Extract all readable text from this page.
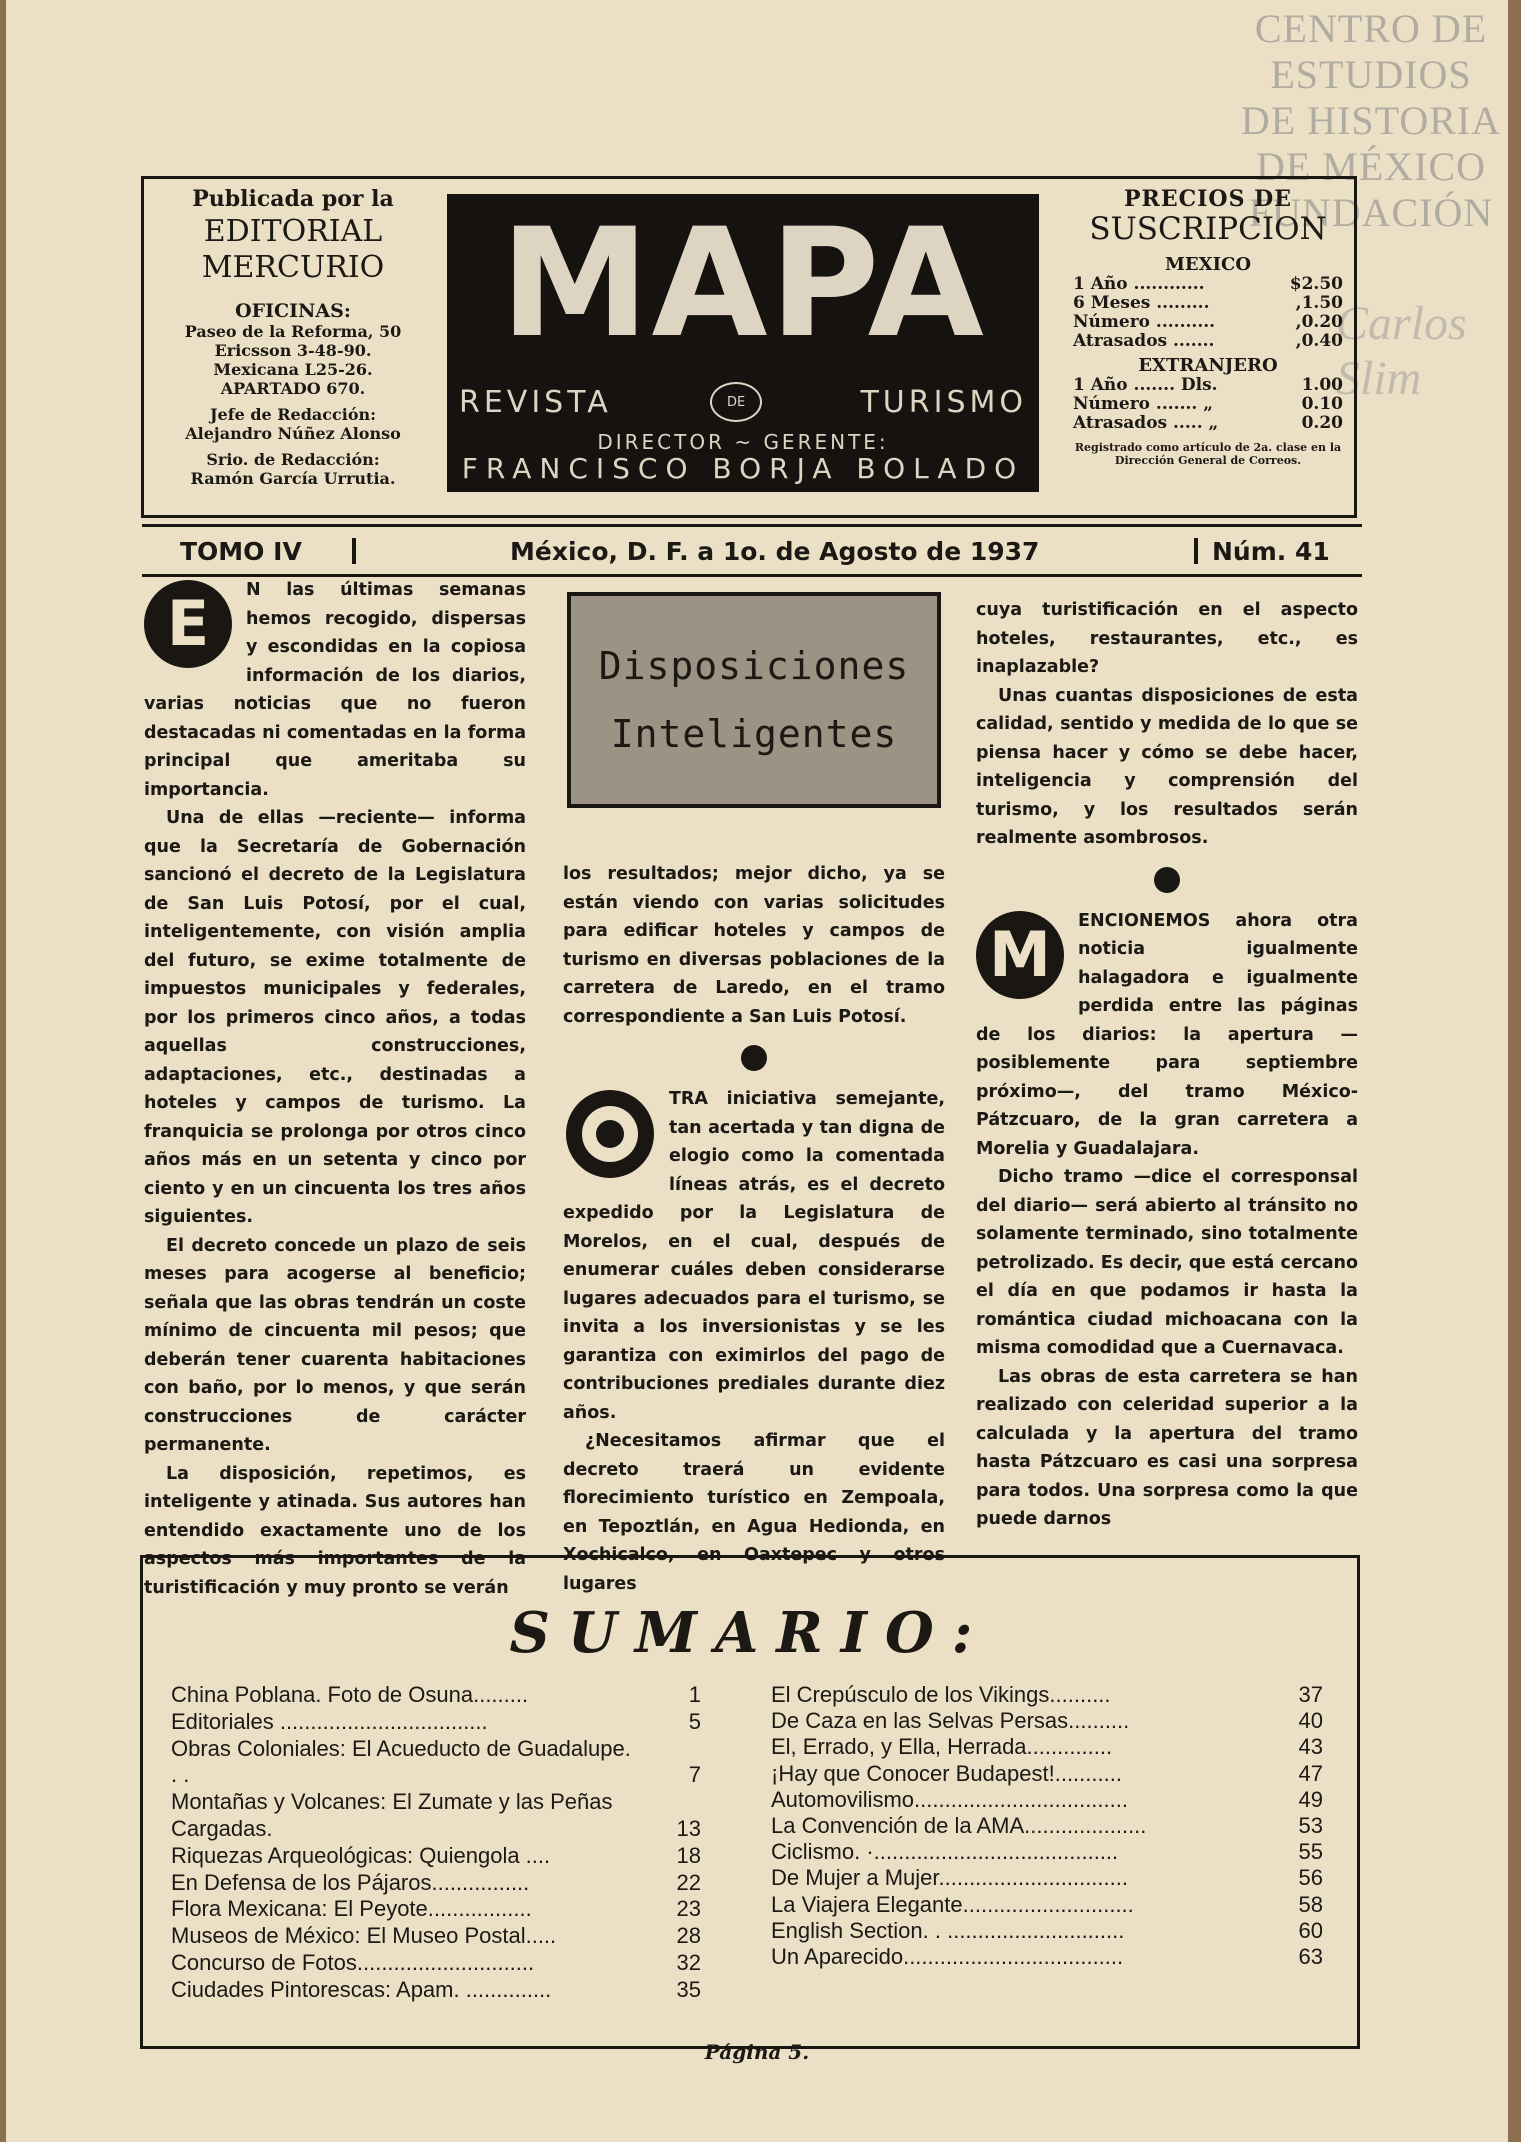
CENTRO DE
ESTUDIOS
DE HISTORIA
DE MÉXICO
FUNDACIÓN
Carlos Slim
Publicada por la
EDITORIAL
MERCURIO
OFICINAS:
Paseo de la Reforma, 50
Ericsson 3-48-90.
Mexicana L25-26.
APARTADO 670.
Jefe de Redacción:
Alejandro Núñez Alonso
Srio. de Redacción:
Ramón García Urrutia.
MAPA
REVISTA	DE	TURISMO
DIRECTOR ~ GERENTE:
FRANCISCO BORJA BOLADO
PRECIOS DE
SUSCRIPCION
MEXICO
1 Año ............	$2.50
6 Meses .........	,1.50
Número ..........	,0.20
Atrasados .......	,0.40
EXTRANJERO
1 Año ....... Dls.	1.00
Número ....... „	0.10
Atrasados ..... „	0.20
Registrado como artículo de 2a. clase en la Dirección General de Correos.
TOMO IV	México, D. F. a 1o. de Agosto de 1937	Núm. 41

E	N las últimas semanas hemos recogido, dispersas y escondidas en la copiosa información de los diarios, varias noticias que no fueron destacadas ni comentadas en la forma principal que ameritaba su importancia.

Una de ellas —reciente— informa que la Secretaría de Gobernación sancionó el decreto de la Legislatura de San Luis Potosí, por el cual, inteligentemente, con visión amplia del futuro, se exime totalmente de impuestos municipales y federales, por los primeros cinco años, a todas aquellas construcciones, adaptaciones, etc., destinadas a hoteles y campos de turismo. La franquicia se prolonga por otros cinco años más en un setenta y cinco por ciento y en un cincuenta los tres años siguientes.

El decreto concede un plazo de seis meses para acogerse al beneficio; señala que las obras tendrán un coste mínimo de cincuenta mil pesos; que deberán tener cuarenta habitaciones con baño, por lo menos, y que serán construcciones de carácter permanente.

La disposición, repetimos, es inteligente y atinada. Sus autores han entendido exactamente uno de los aspectos más importantes de la turistificación y muy pronto se verán

Disposiciones
Inteligentes

los resultados; mejor dicho, ya se están viendo con varias solicitudes para edificar hoteles y campos de turismo en diversas poblaciones de la carretera de Laredo, en el tramo correspondiente a San Luis Potosí.

TRA iniciativa semejante, tan acertada y tan digna de elogio como la comentada líneas atrás, es el decreto expedido por la Legislatura de Morelos, en el cual, después de enumerar cuáles deben considerarse lugares adecuados para el turismo, se invita a los inversionistas y se les garantiza con eximirlos del pago de contribuciones prediales durante diez años.

¿Necesitamos afirmar que el decreto traerá un evidente florecimiento turístico en Zempoala, en Tepoztlán, en Agua Hedionda, en Xochicalco, en Oaxtepec y otros lugares

cuya turistificación en el aspecto hoteles, restaurantes, etc., es inaplazable?

Unas cuantas disposiciones de esta calidad, sentido y medida de lo que se piensa hacer y cómo se debe hacer, inteligencia y comprensión del turismo, y los resultados serán realmente asombrosos.

M	ENCIONEMOS ahora otra noticia igualmente halagadora e igualmente perdida entre las páginas de los diarios: la apertura —posiblemente para septiembre próximo—, del tramo México-Pátzcuaro, de la gran carretera a Morelia y Guadalajara.

Dicho tramo —dice el corresponsal del diario— será abierto al tránsito no solamente terminado, sino totalmente petrolizado. Es decir, que está cercano el día en que podamos ir hasta la romántica ciudad michoacana con la misma comodidad que a Cuernavaca.

Las obras de esta carretera se han realizado con celeridad superior a la calculada y la apertura del tramo hasta Pátzcuaro es casi una sorpresa para todos. Una sorpresa como la que puede darnos

SUMARIO:
China Poblana. Foto de Osuna.........	1
Editoriales ..................................	5
Obras Coloniales: El Acueducto de Guadalupe. . .	7
Montañas y Volcanes: El Zumate y las Peñas Cargadas.	13
Riquezas Arqueológicas: Quiengola ....	18
En Defensa de los Pájaros................	22
Flora Mexicana: El Peyote.................	23
Museos de México: El Museo Postal.....	28
Concurso de Fotos.............................	32
Ciudades Pintorescas: Apam. ..............	35
El Crepúsculo de los Vikings..........	37
De Caza en las Selvas Persas..........	40
El, Errado, y Ella, Herrada..............	43
¡Hay que Conocer Budapest!...........	47
Automovilismo...................................	49
La Convención de la AMA....................	53
Ciclismo. ·........................................	55
De Mujer a Mujer...............................	56
La Viajera Elegante............................	58
English Section. . .............................	60
Un Aparecido....................................	63
Página 5.
